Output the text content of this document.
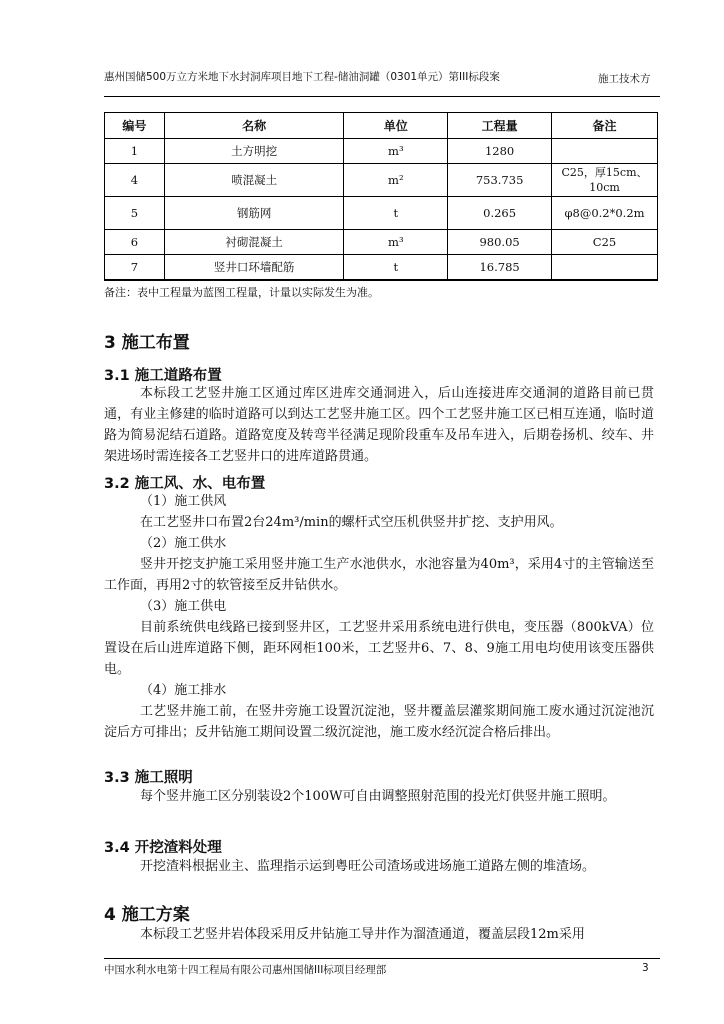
惠州国储500万立方米地下水封洞库项目地下工程-储油洞罐（0301单元）第III标段案	施工技术方
编号	名称	单位	工程量	备注
1	土方明挖	m³	1280	
4	喷混凝土	m²	753.735	C25，厚15cm、10cm
5	钢筋网	t	0.265	φ8@0.2*0.2m
6	衬砌混凝土	m³	980.05	C25
7	竖井口环墙配筋	t	16.785	
备注：表中工程量为蓝图工程量，计量以实际发生为准。
3 施工布置
3.1 施工道路布置
本标段工艺竖井施工区通过库区进库交通洞进入，后山连接进库交通洞的道路目前已贯通，有业主修建的临时道路可以到达工艺竖井施工区。四个工艺竖井施工区已相互连通，临时道路为简易泥结石道路。道路宽度及转弯半径满足现阶段重车及吊车进入，后期卷扬机、绞车、井架进场时需连接各工艺竖井口的进库道路贯通。
3.2 施工风、水、电布置
（1）施工供风
在工艺竖井口布置2台24m³/min的螺杆式空压机供竖井扩挖、支护用风。
（2）施工供水
竖井开挖支护施工采用竖井施工生产水池供水，水池容量为40m³，采用4寸的主管输送至工作面，再用2寸的软管接至反井钻供水。
（3）施工供电
目前系统供电线路已接到竖井区，工艺竖井采用系统电进行供电，变压器（800kVA）位置设在后山进库道路下侧，距环网柜100米，工艺竖井6、7、8、9施工用电均使用该变压器供电。
（4）施工排水
工艺竖井施工前，在竖井旁施工设置沉淀池，竖井覆盖层灌浆期间施工废水通过沉淀池沉淀后方可排出；反井钻施工期间设置二级沉淀池，施工废水经沉淀合格后排出。
3.3 施工照明
每个竖井施工区分别装设2个100W可自由调整照射范围的投光灯供竖井施工照明。
3.4 开挖渣料处理
开挖渣料根据业主、监理指示运到粤旺公司渣场或进场施工道路左侧的堆渣场。
4 施工方案
本标段工艺竖井岩体段采用反井钻施工导井作为溜渣通道，覆盖层段12m采用
中国水利水电第十四工程局有限公司惠州国储III标项目经理部	3
